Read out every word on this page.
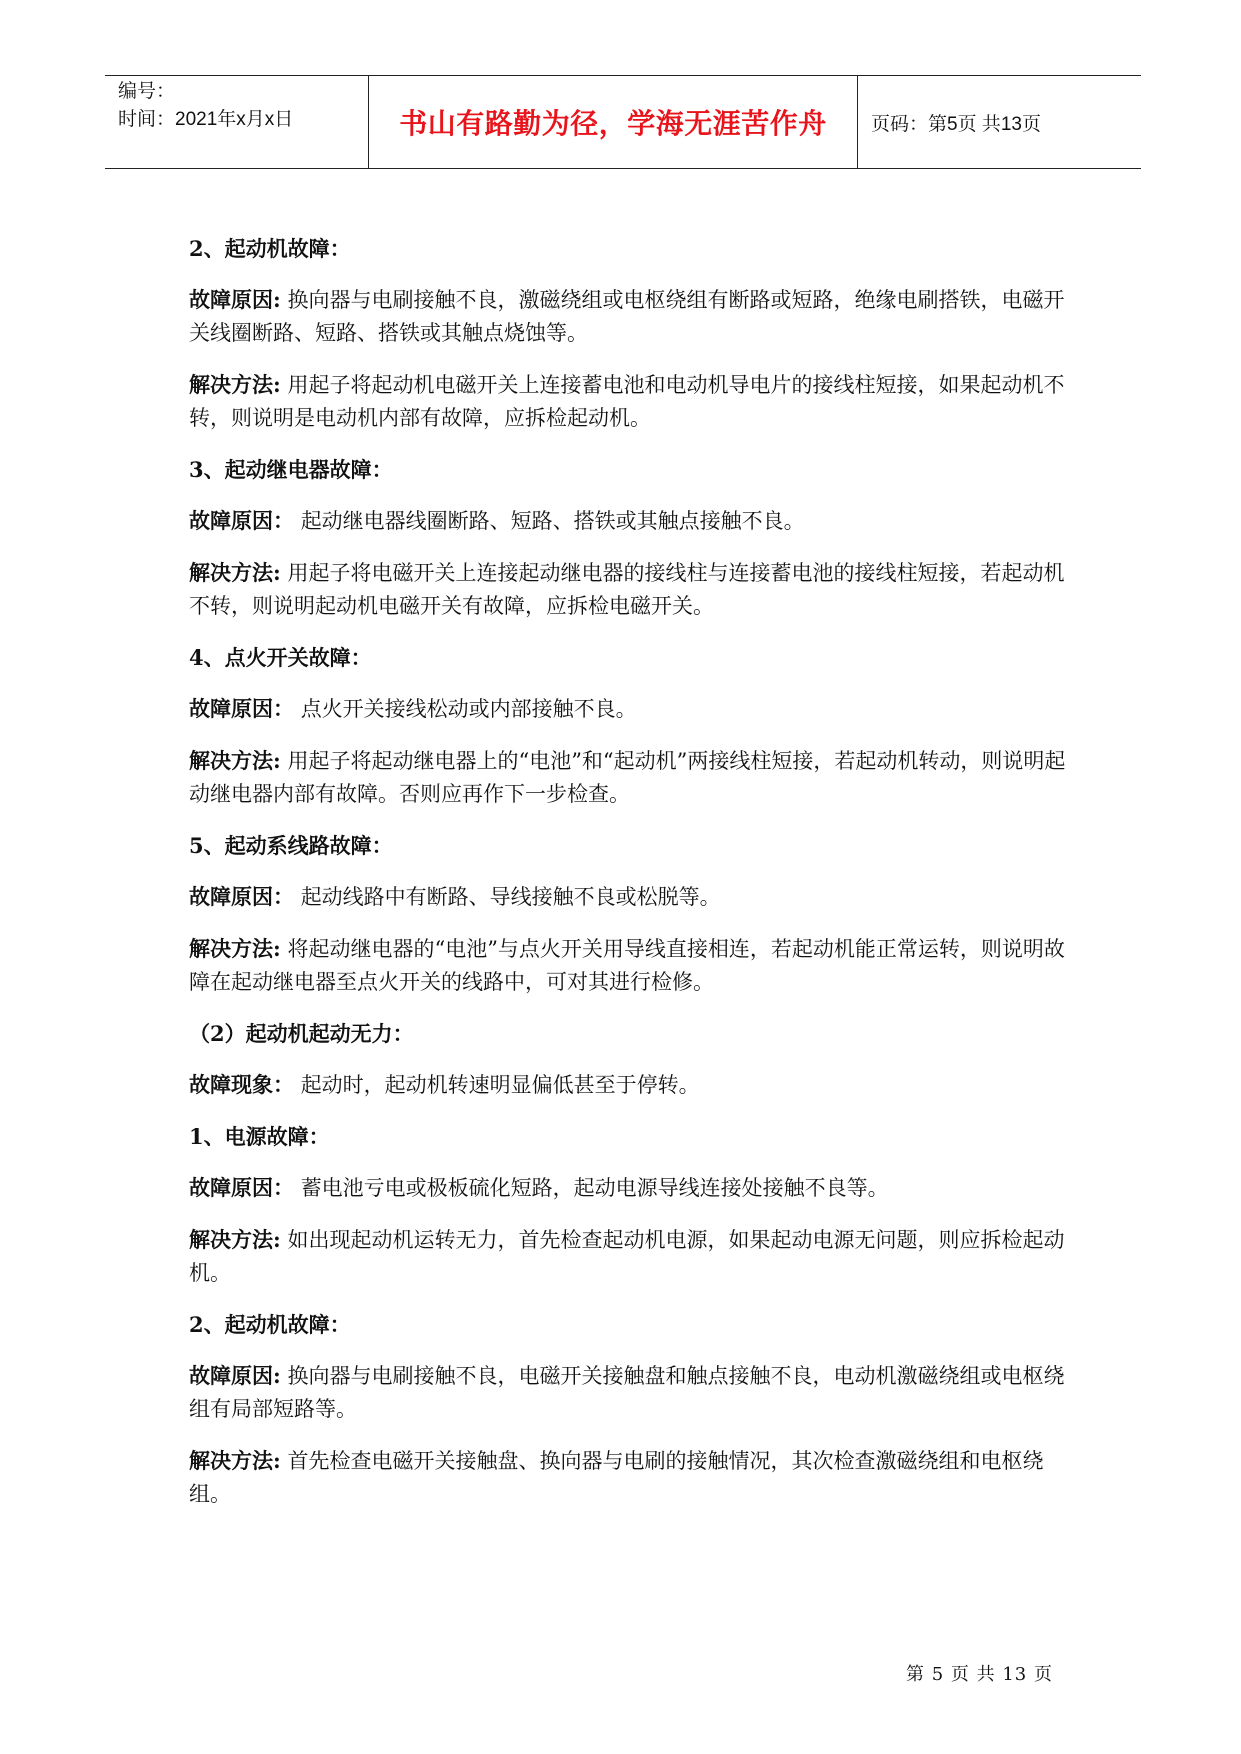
编号：
时间：2021年x月x日	书山有路勤为径，学海无涯苦作舟 页码：第5页 共13页

2、起动机故障：

故障原因: 换向器与电刷接触不良，激磁绕组或电枢绕组有断路或短路，绝缘电刷搭铁，电磁开关线圈断路、短路、搭铁或其触点烧蚀等。

解决方法: 用起子将起动机电磁开关上连接蓄电池和电动机导电片的接线柱短接，如果起动机不转，则说明是电动机内部有故障，应拆检起动机。

3、起动继电器故障：

故障原因： 起动继电器线圈断路、短路、搭铁或其触点接触不良。

解决方法: 用起子将电磁开关上连接起动继电器的接线柱与连接蓄电池的接线柱短接，若起动机不转，则说明起动机电磁开关有故障，应拆检电磁开关。

4、点火开关故障：

故障原因： 点火开关接线松动或内部接触不良。

解决方法: 用起子将起动继电器上的“电池”和“起动机”两接线柱短接，若起动机转动，则说明起动继电器内部有故障。否则应再作下一步检查。

5、起动系线路故障：

故障原因： 起动线路中有断路、导线接触不良或松脱等。

解决方法: 将起动继电器的“电池”与点火开关用导线直接相连，若起动机能正常运转，则说明故障在起动继电器至点火开关的线路中，可对其进行检修。

（2）起动机起动无力：

故障现象： 起动时，起动机转速明显偏低甚至于停转。

1、电源故障：

故障原因： 蓄电池亏电或极板硫化短路，起动电源导线连接处接触不良等。

解决方法: 如出现起动机运转无力，首先检查起动机电源，如果起动电源无问题，则应拆检起动机。

2、起动机故障：

故障原因: 换向器与电刷接触不良，电磁开关接触盘和触点接触不良，电动机激磁绕组或电枢绕组有局部短路等。

解决方法: 首先检查电磁开关接触盘、换向器与电刷的接触情况，其次检查激磁绕组和电枢绕组。

第 5 页 共 13 页
